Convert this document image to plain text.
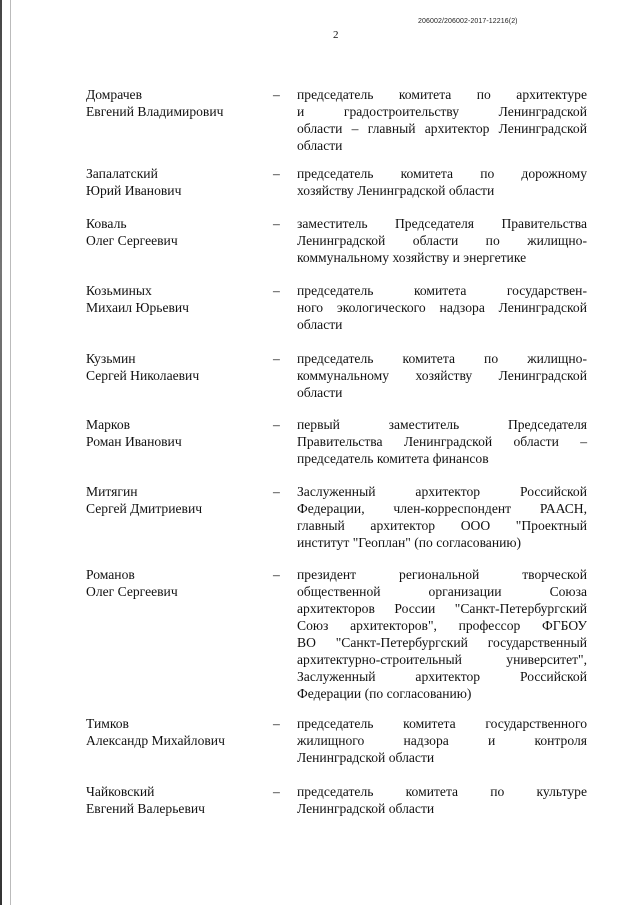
206002/206002-2017-12216(2)
2
Домрачев
Евгений Владимирович
– председатель комитета по архитектуре
и градостроительству Ленинградской
области – главный архитектор Ленинградской
области
Запалатский
Юрий Иванович
– председатель комитета по дорожному
хозяйству Ленинградской области
Коваль
Олег Сергеевич
– заместитель Председателя Правительства
Ленинградской области по жилищно-
коммунальному хозяйству и энергетике
Козьминых
Михаил Юрьевич
– председатель комитета государствен-
ного экологического надзора Ленинградской
области
Кузьмин
Сергей Николаевич
– председатель комитета по жилищно-
коммунальному хозяйству Ленинградской
области
Марков
Роман Иванович
– первый заместитель Председателя
Правительства Ленинградской области –
председатель комитета финансов
Митягин
Сергей Дмитриевич
– Заслуженный архитектор Российской
Федерации, член-корреспондент РААСН,
главный архитектор ООО "Проектный
институт "Геоплан" (по согласованию)
Романов
Олег Сергеевич
– президент региональной творческой
общественной организации Союза
архитекторов России "Санкт-Петербургский
Союз архитекторов", профессор ФГБОУ
ВО "Санкт-Петербургский государственный
архитектурно-строительный университет",
Заслуженный архитектор Российской
Федерации (по согласованию)
Тимков
Александр Михайлович
– председатель комитета государственного
жилищного надзора и контроля
Ленинградской области
Чайковский
Евгений Валерьевич
– председатель комитета по культуре
Ленинградской области
